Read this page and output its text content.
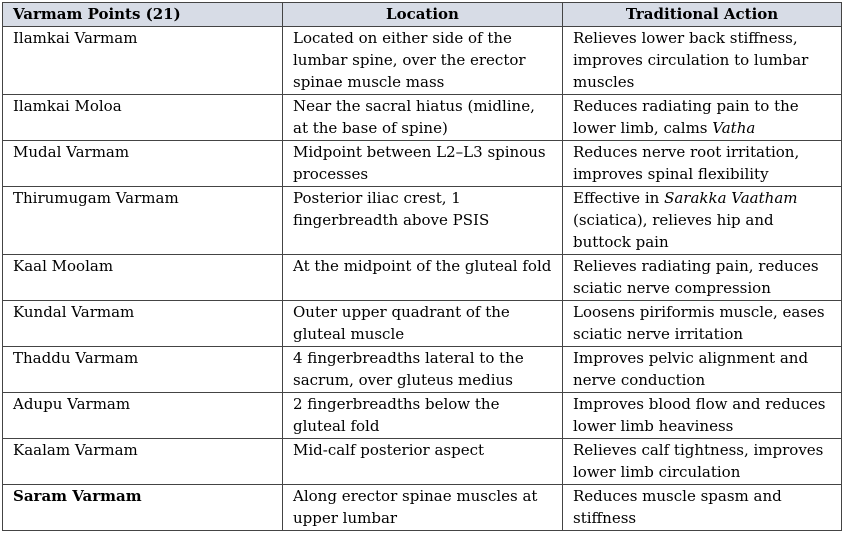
Varmam Points (21)	Location	Traditional Action
Ilamkai Varmam	Located on either side of the lumbar spine, over the erector spinae muscle mass	Relieves lower back stiffness, improves circulation to lumbar muscles
Ilamkai Moloa	Near the sacral hiatus (midline, at the base of spine)	Reduces radiating pain to the lower limb, calms Vatha
Mudal Varmam	Midpoint between L2–L3 spinous processes	Reduces nerve root irritation, improves spinal flexibility
Thirumugam Varmam	Posterior iliac crest, 1 fingerbreadth above PSIS	Effective in Sarakka Vaatham (sciatica), relieves hip and buttock pain
Kaal Moolam	At the midpoint of the gluteal fold	Relieves radiating pain, reduces sciatic nerve compression
Kundal Varmam	Outer upper quadrant of the gluteal muscle	Loosens piriformis muscle, eases sciatic nerve irritation
Thaddu Varmam	4 fingerbreadths lateral to the sacrum, over gluteus medius	Improves pelvic alignment and nerve conduction
Adupu Varmam	2 fingerbreadths below the gluteal fold	Improves blood flow and reduces lower limb heaviness
Kaalam Varmam	Mid-calf posterior aspect	Relieves calf tightness, improves lower limb circulation
Saram Varmam	Along erector spinae muscles at upper lumbar	Reduces muscle spasm and stiffness
